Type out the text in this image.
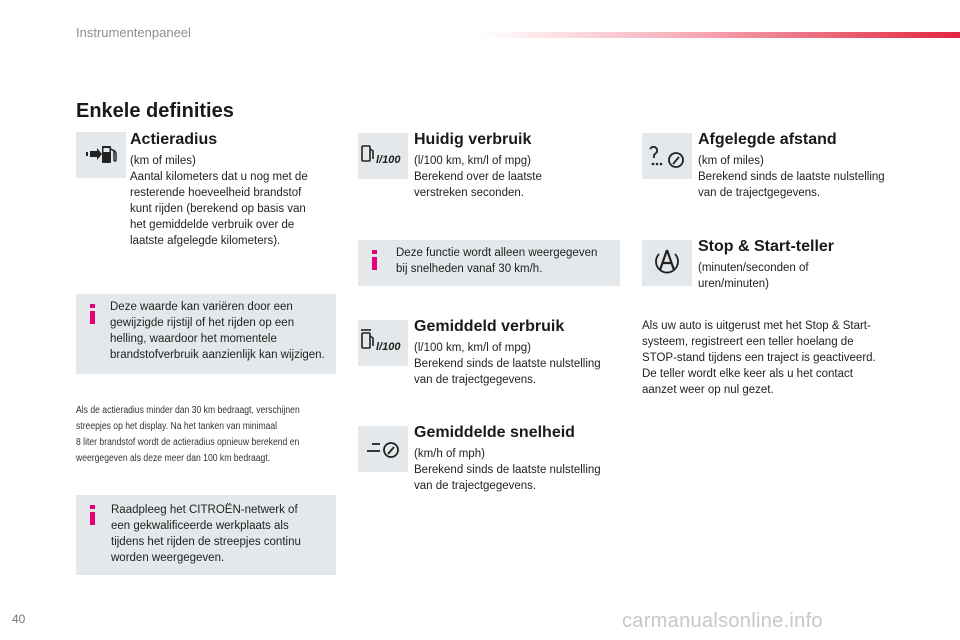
Instrumentenpaneel
Enkele definities
Actieradius
(km of miles)
Aantal kilometers dat u nog met de
resterende hoeveelheid brandstof
kunt rijden (berekend op basis van
het gemiddelde verbruik over de
laatste afgelegde kilometers).
Deze waarde kan variëren door een
gewijzigde rijstijl of het rijden op een
helling, waardoor het momentele
brandstofverbruik aanzienlijk kan wijzigen.
Als de actieradius minder dan 30 km bedraagt, verschijnen
streepjes op het display. Na het tanken van minimaal
8 liter brandstof wordt de actieradius opnieuw berekend en
weergegeven als deze meer dan 100 km bedraagt.
Raadpleeg het CITROËN-netwerk of
een gekwalificeerde werkplaats als
tijdens het rijden de streepjes continu
worden weergegeven.
l/100
Huidig verbruik
(l/100 km, km/l of mpg)
Berekend over de laatste
verstreken seconden.
Deze functie wordt alleen weergegeven
bij snelheden vanaf 30 km/h.
l/100
Gemiddeld verbruik
(l/100 km, km/l of mpg)
Berekend sinds de laatste nulstelling
van de trajectgegevens.
Gemiddelde snelheid
(km/h of mph)
Berekend sinds de laatste nulstelling
van de trajectgegevens.
Afgelegde afstand
(km of miles)
Berekend sinds de laatste nulstelling
van de trajectgegevens.
Stop & Start-teller
(minuten/seconden of
uren/minuten)
Als uw auto is uitgerust met het Stop & Start-
systeem, registreert een teller hoelang de
STOP-stand tijdens een traject is geactiveerd.
De teller wordt elke keer als u het contact
aanzet weer op nul gezet.
40	carmanualsonline.info
